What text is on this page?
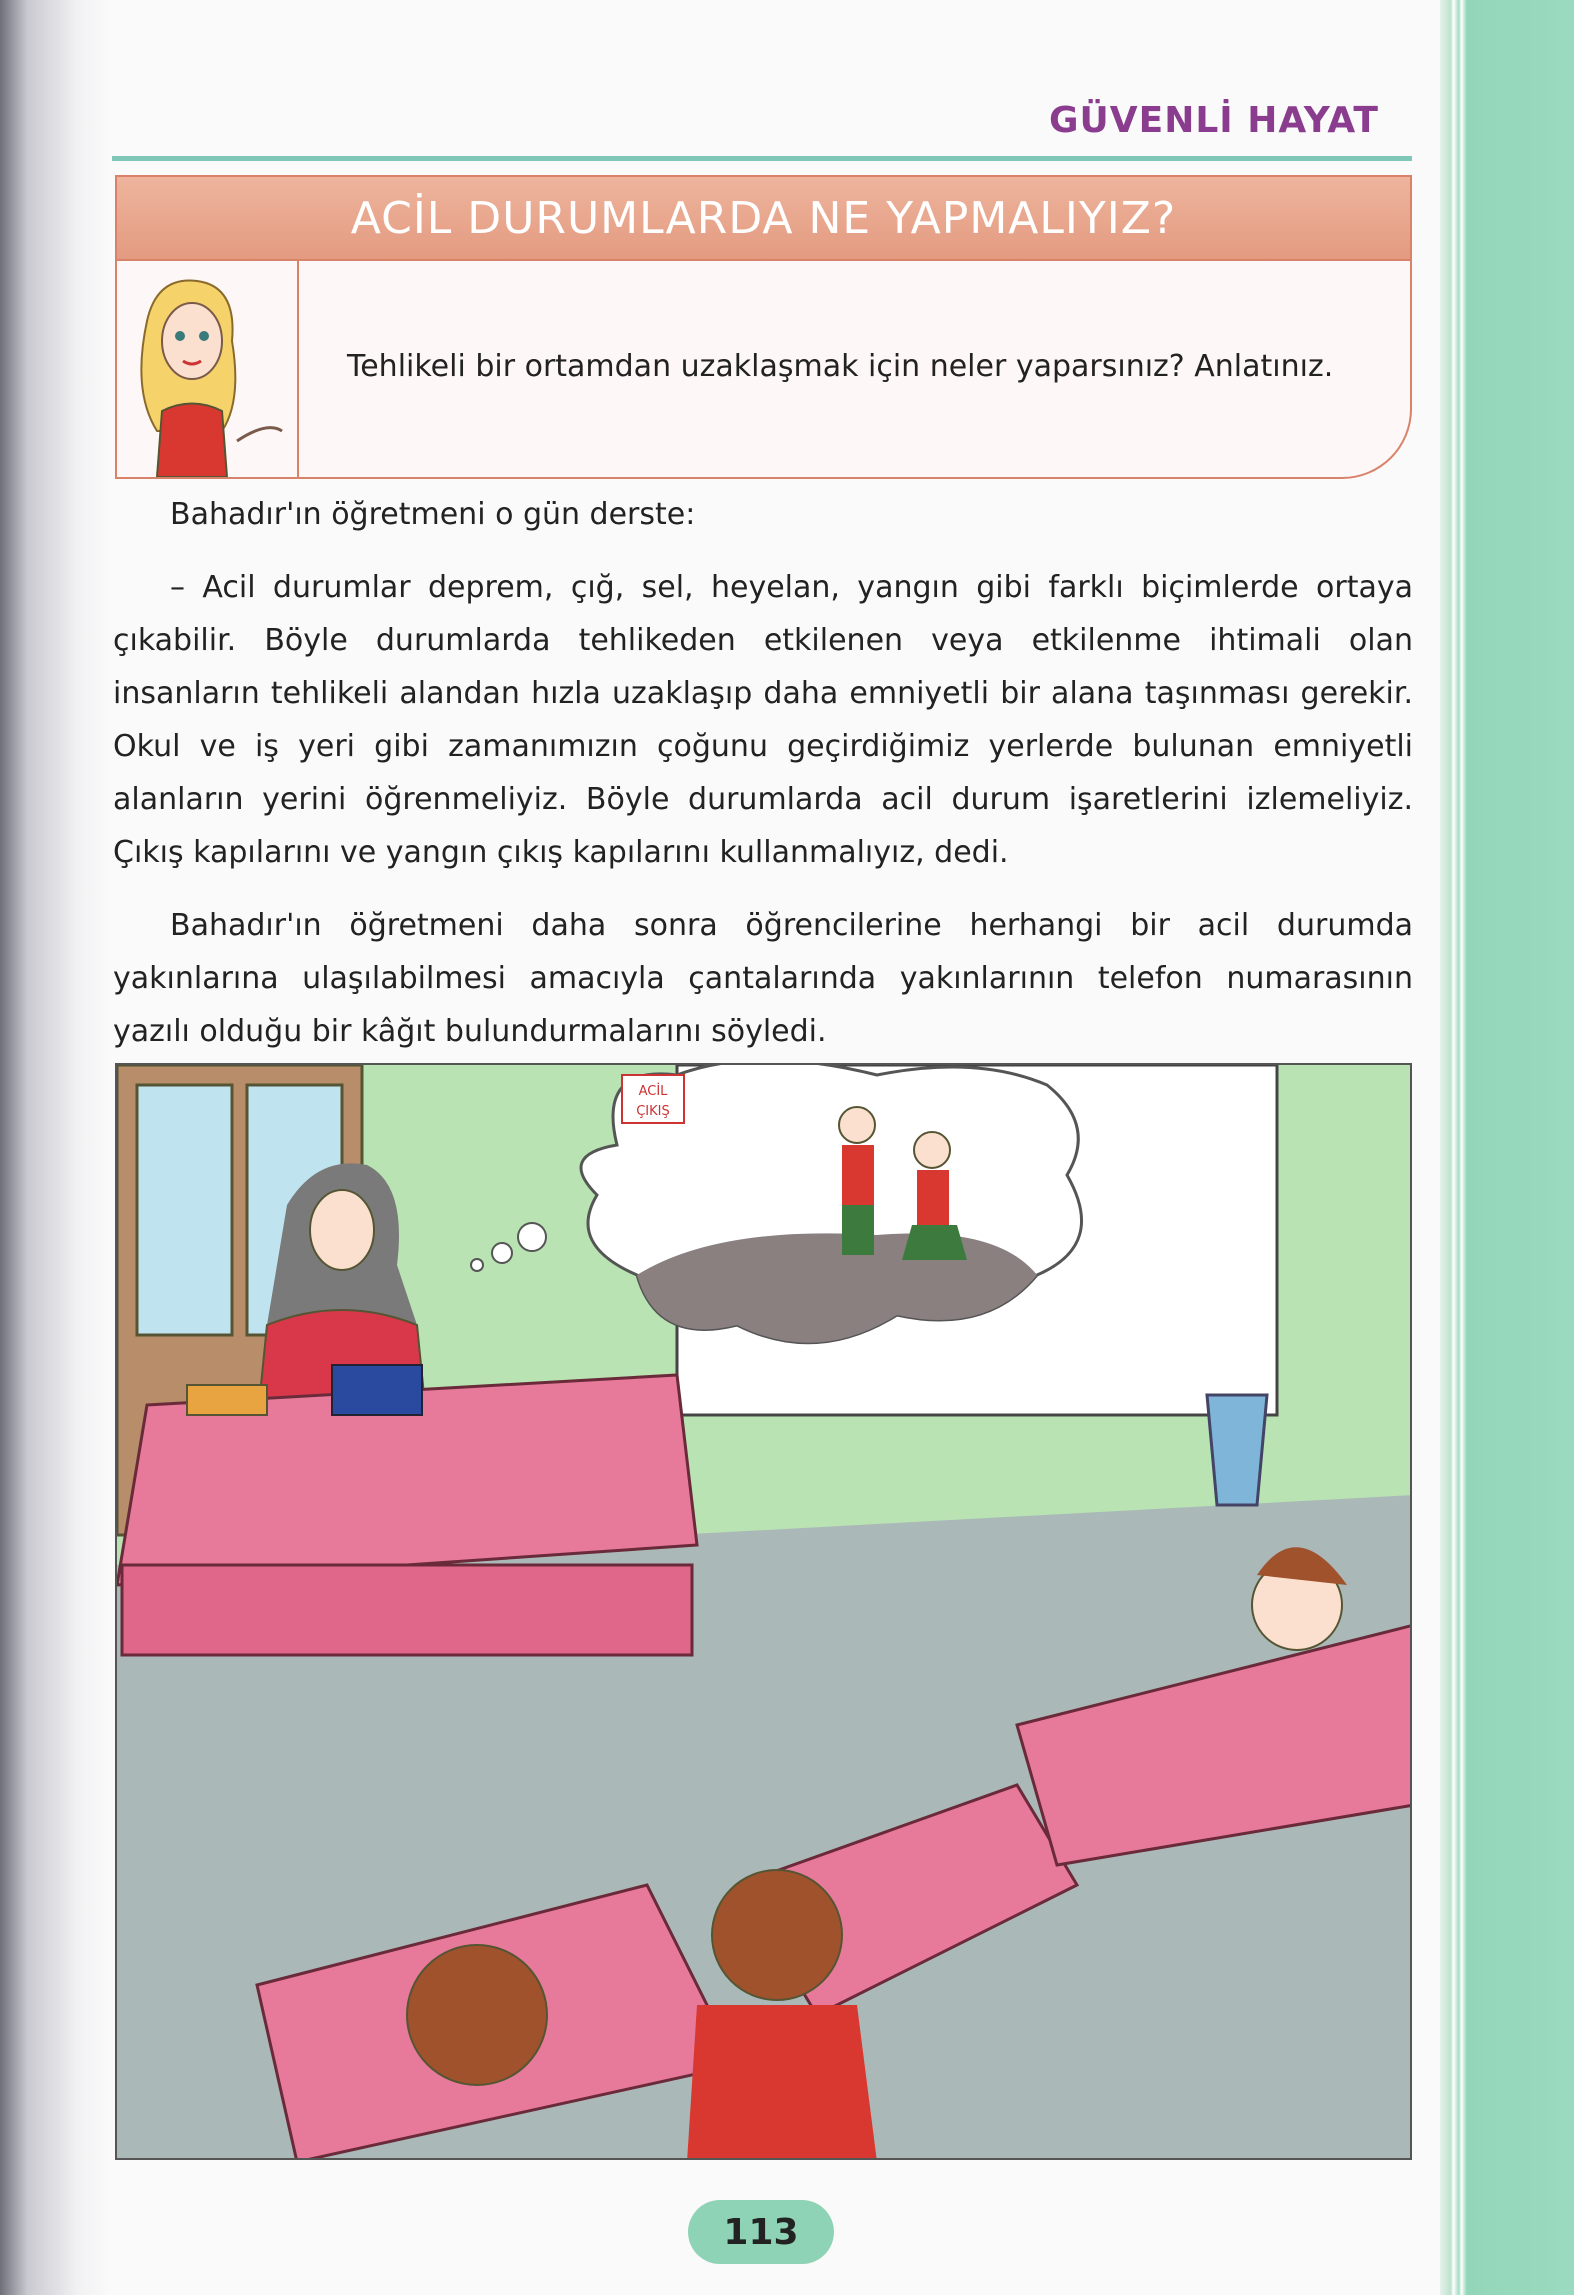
GÜVENLİ HAYAT
ACİL DURUMLARDA NE YAPMALIYIZ?
Tehlikeli bir ortamdan uzaklaşmak için neler yaparsınız? Anlatınız.

Bahadır'ın öğretmeni o gün derste:

– Acil durumlar deprem, çığ, sel, heyelan, yangın gibi farklı biçimlerde ortaya çıkabilir. Böyle durumlarda tehlikeden etkilenen veya etkilenme ihtimali olan insanların tehlikeli alandan hızla uzaklaşıp daha emniyetli bir alana taşınması gerekir. Okul ve iş yeri gibi zamanımızın çoğunu geçirdiğimiz yerlerde bulunan emniyetli alanların yerini öğrenmeliyiz. Böyle durumlarda acil durum işaretlerini izlemeliyiz. Çıkış kapılarını ve yangın çıkış kapılarını kullanmalıyız, dedi.

Bahadır'ın öğretmeni daha sonra öğrencilerine herhangi bir acil durumda yakınlarına ulaşılabilmesi amacıyla çantalarında yakınlarının telefon numarasının yazılı olduğu bir kâğıt bulundurmalarını söyledi.

ACİL
ÇIKIŞ
113
